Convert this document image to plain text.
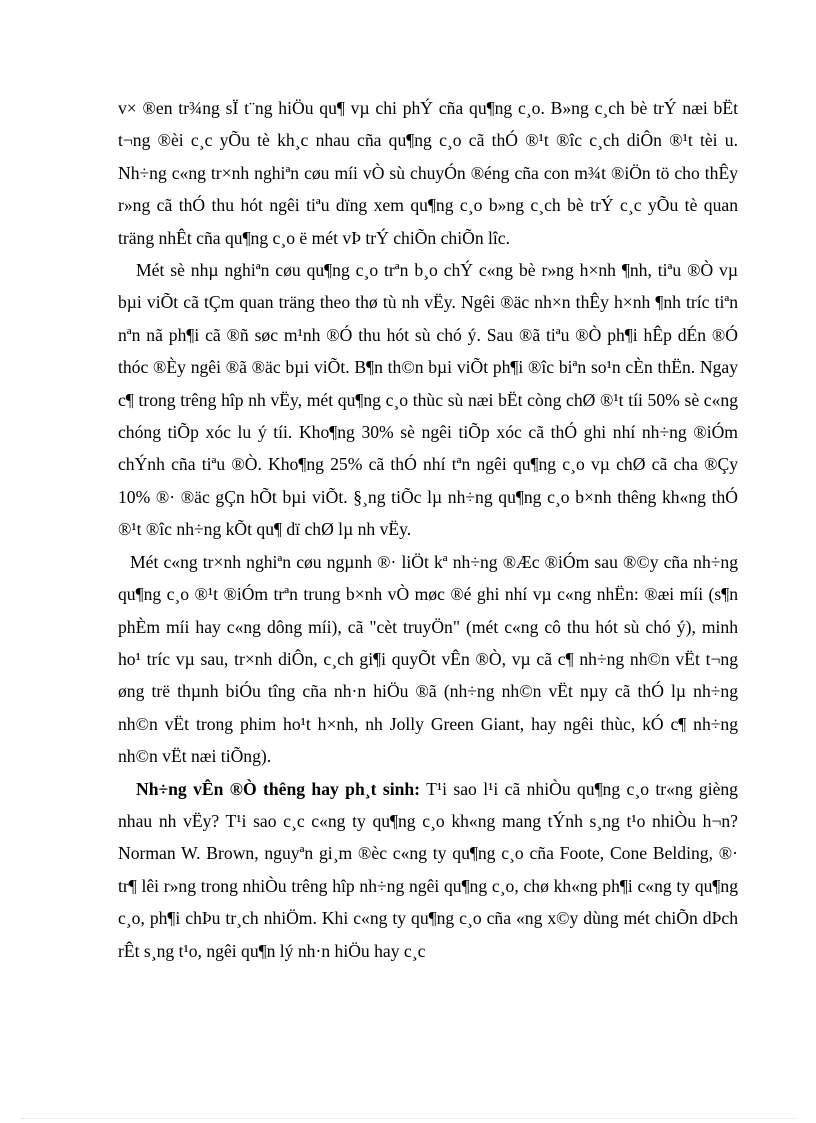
v× ®en tr¾ng sÏ t¨ng hiÖu qu¶ vµ chi phÝ cña qu¶ng c¸o. B»ng c¸ch bè trÝ næi bËt t¬ng ®èi c¸c yÕu tè kh¸c nhau cña qu¶ng c¸o cã thÓ ®¹t ®îc c¸ch diÔn ®¹t tèi u. Nh÷ng c«ng tr×nh nghiªn cøu míi vÒ sù chuyÓn ®éng cña con m¾t ®iÖn tö cho thÊy r»ng cã thÓ thu hót ngêi tiªu dïng xem qu¶ng c¸o b»ng c¸ch bè trÝ c¸c yÕu tè quan träng nhÊt cña qu¶ng c¸o ë mét vÞ trÝ chiÕn chiÕn lîc.

Mét sè nhµ nghiªn cøu qu¶ng c¸o trªn b¸o chÝ c«ng bè r»ng h×nh ¶nh, tiªu ®Ò vµ bµi viÕt cã tÇm quan träng theo thø tù nh vËy. Ngêi ®äc nh×n thÊy h×nh ¶nh tríc tiªn nªn nã ph¶i cã ®ñ søc m¹nh ®Ó thu hót sù chó ý. Sau ®ã tiªu ®Ò ph¶i hÊp dÉn ®Ó thóc ®Èy ngêi ®ã ®äc bµi viÕt. B¶n th©n bµi viÕt ph¶i ®îc biªn so¹n cÈn thËn. Ngay c¶ trong trêng hîp nh vËy, mét qu¶ng c¸o thùc sù næi bËt còng chØ ®¹t tíi 50% sè c«ng chóng tiÕp xóc lu ý tíi. Kho¶ng 30% sè ngêi tiÕp xóc cã thÓ ghi nhí nh÷ng ®iÓm chÝnh cña tiªu ®Ò. Kho¶ng 25% cã thÓ nhí tªn ngêi qu¶ng c¸o vµ chØ cã cha ®Çy 10% ®· ®äc gÇn hÕt bµi viÕt. §¸ng tiÕc lµ nh÷ng qu¶ng c¸o b×nh thêng kh«ng thÓ ®¹t ®îc nh÷ng kÕt qu¶ dï chØ lµ nh vËy.

Mét c«ng tr×nh nghiªn cøu ngµnh ®· liÖt kª nh÷ng ®Æc ®iÓm sau ®©y cña nh÷ng qu¶ng c¸o ®¹t ®iÓm trªn trung b×nh vÒ møc ®é ghi nhí vµ c«ng nhËn: ®æi míi (s¶n phÈm míi hay c«ng dông míi), cã "cèt truyÖn" (mét c«ng cô thu hót sù chó ý), minh ho¹ tríc vµ sau, tr×nh diÔn, c¸ch gi¶i quyÕt vÊn ®Ò, vµ cã c¶ nh÷ng nh©n vËt t¬ng øng trë thµnh biÓu tîng cña nh·n hiÖu ®ã (nh÷ng nh©n vËt nµy cã thÓ lµ nh÷ng nh©n vËt trong phim ho¹t h×nh, nh Jolly Green Giant, hay ngêi thùc, kÓ c¶ nh÷ng nh©n vËt næi tiÕng).

Nh÷ng vÊn ®Ò thêng hay ph¸t sinh: T¹i sao l¹i cã nhiÒu qu¶ng c¸o tr«ng gièng nhau nh vËy? T¹i sao c¸c c«ng ty qu¶ng c¸o kh«ng mang tÝnh s¸ng t¹o nhiÒu h¬n? Norman W. Brown, nguyªn gi¸m ®èc c«ng ty qu¶ng c¸o cña Foote, Cone Belding, ®· tr¶ lêi r»ng trong nhiÒu trêng hîp nh÷ng ngêi qu¶ng c¸o, chø kh«ng ph¶i c«ng ty qu¶ng c¸o, ph¶i chÞu tr¸ch nhiÖm. Khi c«ng ty qu¶ng c¸o cña «ng x©y dùng mét chiÕn dÞch rÊt s¸ng t¹o, ngêi qu¶n lý nh·n hiÖu hay c¸c
